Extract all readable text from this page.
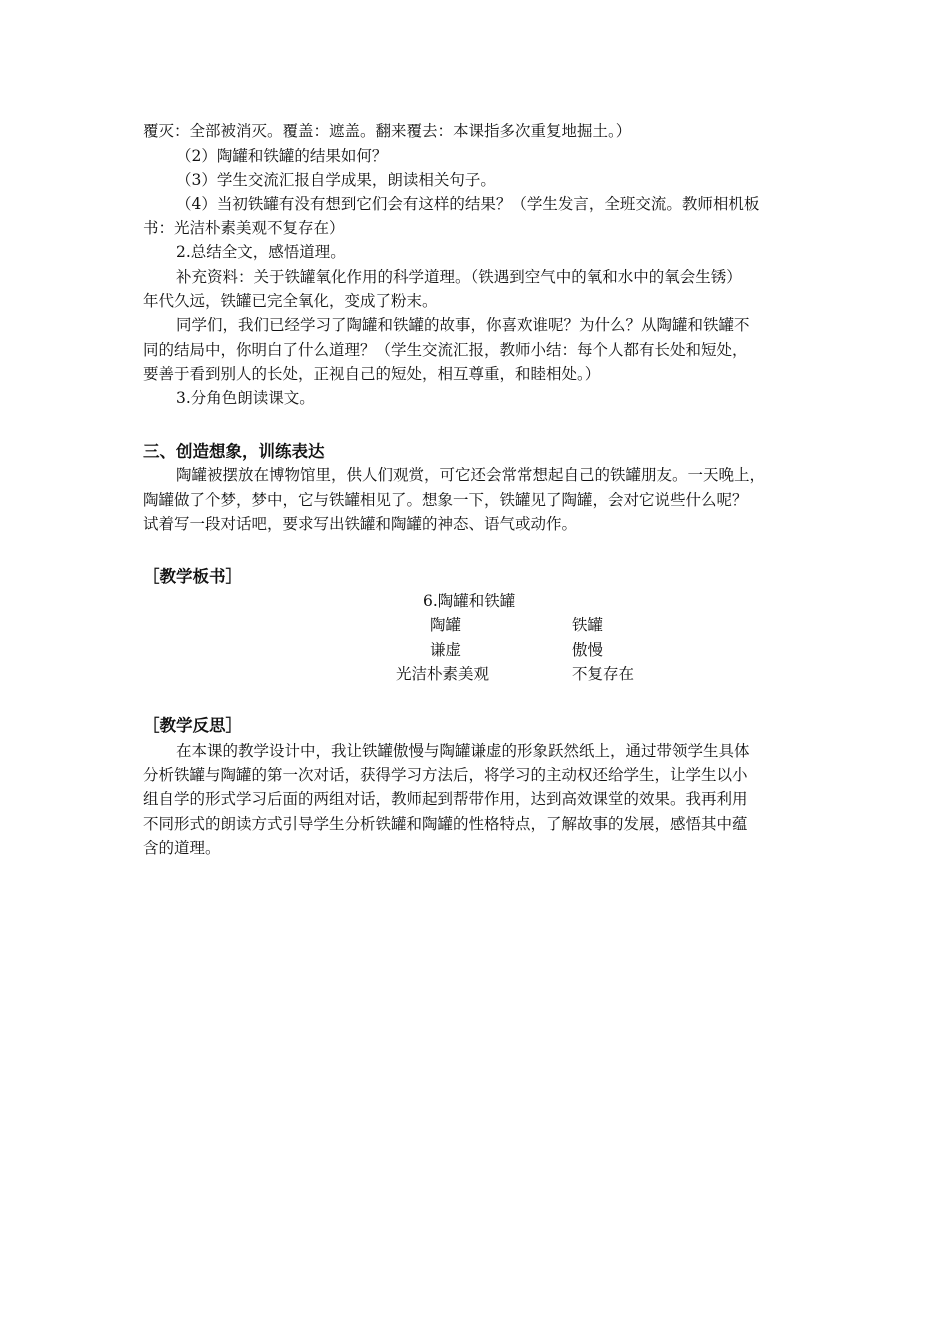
覆灭：全部被消灭。覆盖：遮盖。翻来覆去：本课指多次重复地掘土。）
（2）陶罐和铁罐的结果如何？
（3）学生交流汇报自学成果，朗读相关句子。
（4）当初铁罐有没有想到它们会有这样的结果？（学生发言，全班交流。教师相机板
书：光洁朴素美观不复存在）
2.总结全文，感悟道理。
补充资料：关于铁罐氧化作用的科学道理。（铁遇到空气中的氧和水中的氧会生锈）
年代久远，铁罐已完全氧化，变成了粉末。
同学们，我们已经学习了陶罐和铁罐的故事，你喜欢谁呢？为什么？从陶罐和铁罐不
同的结局中，你明白了什么道理？（学生交流汇报，教师小结：每个人都有长处和短处，
要善于看到别人的长处，正视自己的短处，相互尊重，和睦相处。）
3.分角色朗读课文。
三、创造想象，训练表达
陶罐被摆放在博物馆里，供人们观赏，可它还会常常想起自己的铁罐朋友。一天晚上，
陶罐做了个梦，梦中，它与铁罐相见了。想象一下，铁罐见了陶罐，会对它说些什么呢？
试着写一段对话吧，要求写出铁罐和陶罐的神态、语气或动作。
［教学板书］
6.陶罐和铁罐
陶罐	铁罐
谦虚	傲慢
光洁朴素美观	不复存在
［教学反思］
在本课的教学设计中，我让铁罐傲慢与陶罐谦虚的形象跃然纸上，通过带领学生具体
分析铁罐与陶罐的第一次对话，获得学习方法后，将学习的主动权还给学生，让学生以小
组自学的形式学习后面的两组对话，教师起到帮带作用，达到高效课堂的效果。我再利用
不同形式的朗读方式引导学生分析铁罐和陶罐的性格特点，了解故事的发展，感悟其中蕴
含的道理。
